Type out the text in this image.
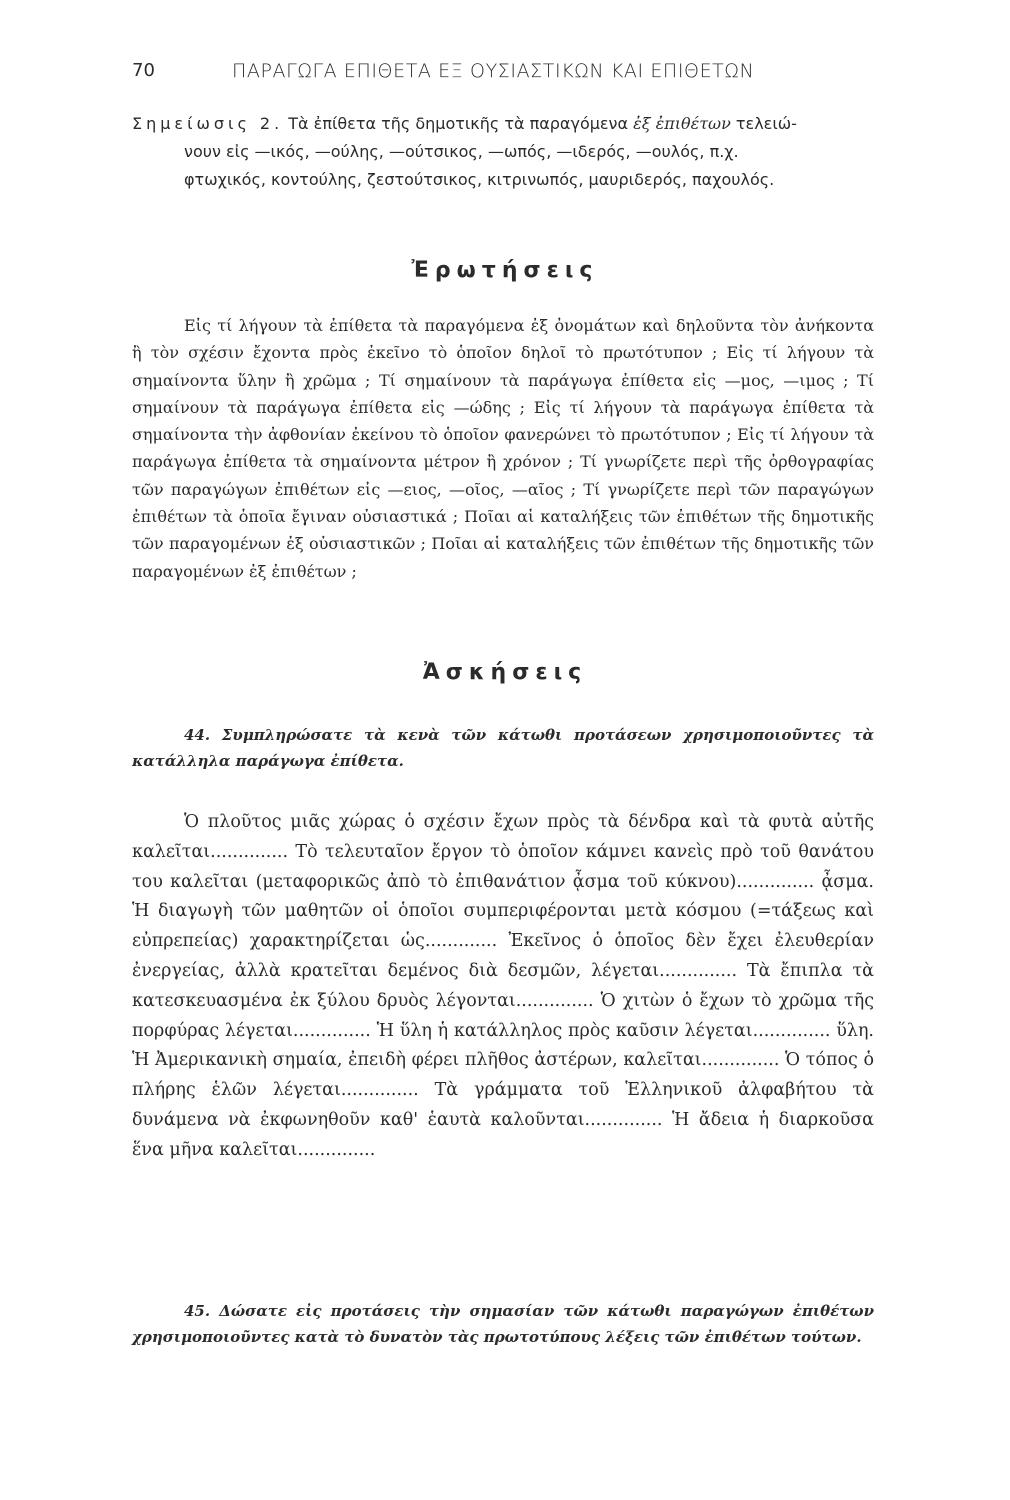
70	ΠΑΡΑΓΩΓΑ ΕΠΙΘΕΤΑ ΕΞ ΟΥΣΙΑΣΤΙΚΩΝ ΚΑΙ ΕΠΙΘΕΤΩΝ
Σημείωσις 2. Τὰ ἐπίθετα τῆς δημοτικῆς τὰ παραγόμενα ἐξ ἐπιθέτων τελειώ-
νουν εἰς —ικός, —ούλης, —ούτσικος, —ωπός, —ιδερός, —ουλός, π.χ.
φτωχικός, κοντούλης, ζεστούτσικος, κιτρινωπός, μαυριδερός, παχουλός.
Ἐρωτήσεις

Εἰς τί λήγουν τὰ ἐπίθετα τὰ παραγόμενα ἐξ ὀνομάτων καὶ δηλοῦντα τὸν ἀνήκοντα ἢ τὸν σχέσιν ἔχοντα πρὸς ἐκεῖνο τὸ ὁποῖον δηλοῖ τὸ πρωτότυπον ; Εἰς τί λήγουν τὰ σημαίνοντα ὕλην ἢ χρῶμα ; Τί σημαίνουν τὰ παράγωγα ἐπίθετα εἰς —μος, —ιμος ; Τί σημαίνουν τὰ παράγωγα ἐπίθετα εἰς —ώδης ; Εἰς τί λήγουν τὰ παράγωγα ἐπίθετα τὰ σημαίνοντα τὴν ἀφθονίαν ἐκείνου τὸ ὁποῖον φανερώνει τὸ πρωτότυπον ; Εἰς τί λήγουν τὰ παράγωγα ἐπίθετα τὰ σημαίνοντα μέτρον ἢ χρόνον ; Τί γνωρίζετε περὶ τῆς ὀρθογραφίας τῶν παραγώγων ἐπιθέτων εἰς —ειος, —οῖος, —αῖος ; Τί γνωρίζετε περὶ τῶν παραγώγων ἐπιθέτων τὰ ὁποῖα ἔγιναν οὐσιαστικά ; Ποῖαι αἱ καταλήξεις τῶν ἐπιθέτων τῆς δημοτικῆς τῶν παραγομένων ἐξ οὐσιαστικῶν ; Ποῖαι αἱ καταλήξεις τῶν ἐπιθέτων τῆς δημοτικῆς τῶν παραγομένων ἐξ ἐπιθέτων ;

Ἀσκήσεις

44. Συμπληρώσατε τὰ κενὰ τῶν κάτωθι προτάσεων χρησιμοποιοῦντες τὰ κατάλληλα παράγωγα ἐπίθετα.

Ὁ πλοῦτος μιᾶς χώρας ὁ σχέσιν ἔχων πρὸς τὰ δένδρα καὶ τὰ φυτὰ αὐτῆς καλεῖται.............. Τὸ τελευταῖον ἔργον τὸ ὁποῖον κάμνει κανεὶς πρὸ τοῦ θανάτου του καλεῖται (μεταφορικῶς ἀπὸ τὸ ἐπιθανάτιον ᾆσμα τοῦ κύκνου).............. ᾆσμα. Ἡ διαγωγὴ τῶν μαθητῶν οἱ ὁποῖοι συμπεριφέρονται μετὰ κόσμου (=τάξεως καὶ εὐπρεπείας) χαρακτηρίζεται ὡς............. Ἐκεῖνος ὁ ὁποῖος δὲν ἔχει ἐλευθερίαν ἐνεργείας, ἀλλὰ κρατεῖται δεμένος διὰ δεσμῶν, λέγεται.............. Τὰ ἔπιπλα τὰ κατεσκευασμένα ἐκ ξύλου δρυὸς λέγονται.............. Ὁ χιτὼν ὁ ἔχων τὸ χρῶμα τῆς πορφύρας λέγεται.............. Ἡ ὕλη ἡ κατάλληλος πρὸς καῦσιν λέγεται.............. ὕλη. Ἡ Ἀμερικανικὴ σημαία, ἐπειδὴ φέρει πλῆθος ἀστέρων, καλεῖται.............. Ὁ τόπος ὁ πλήρης ἑλῶν λέγεται.............. Τὰ γράμματα τοῦ Ἑλληνικοῦ ἀλφαβήτου τὰ δυνάμενα νὰ ἐκφωνηθοῦν καθ' ἑαυτὰ καλοῦνται.............. Ἡ ἄδεια ἡ διαρκοῦσα ἕνα μῆνα καλεῖται..............

45. Δώσατε εἰς προτάσεις τὴν σημασίαν τῶν κάτωθι παραγώγων ἐπιθέτων χρησιμοποιοῦντες κατὰ τὸ δυνατὸν τὰς πρωτοτύπους λέξεις τῶν ἐπιθέτων τούτων.
